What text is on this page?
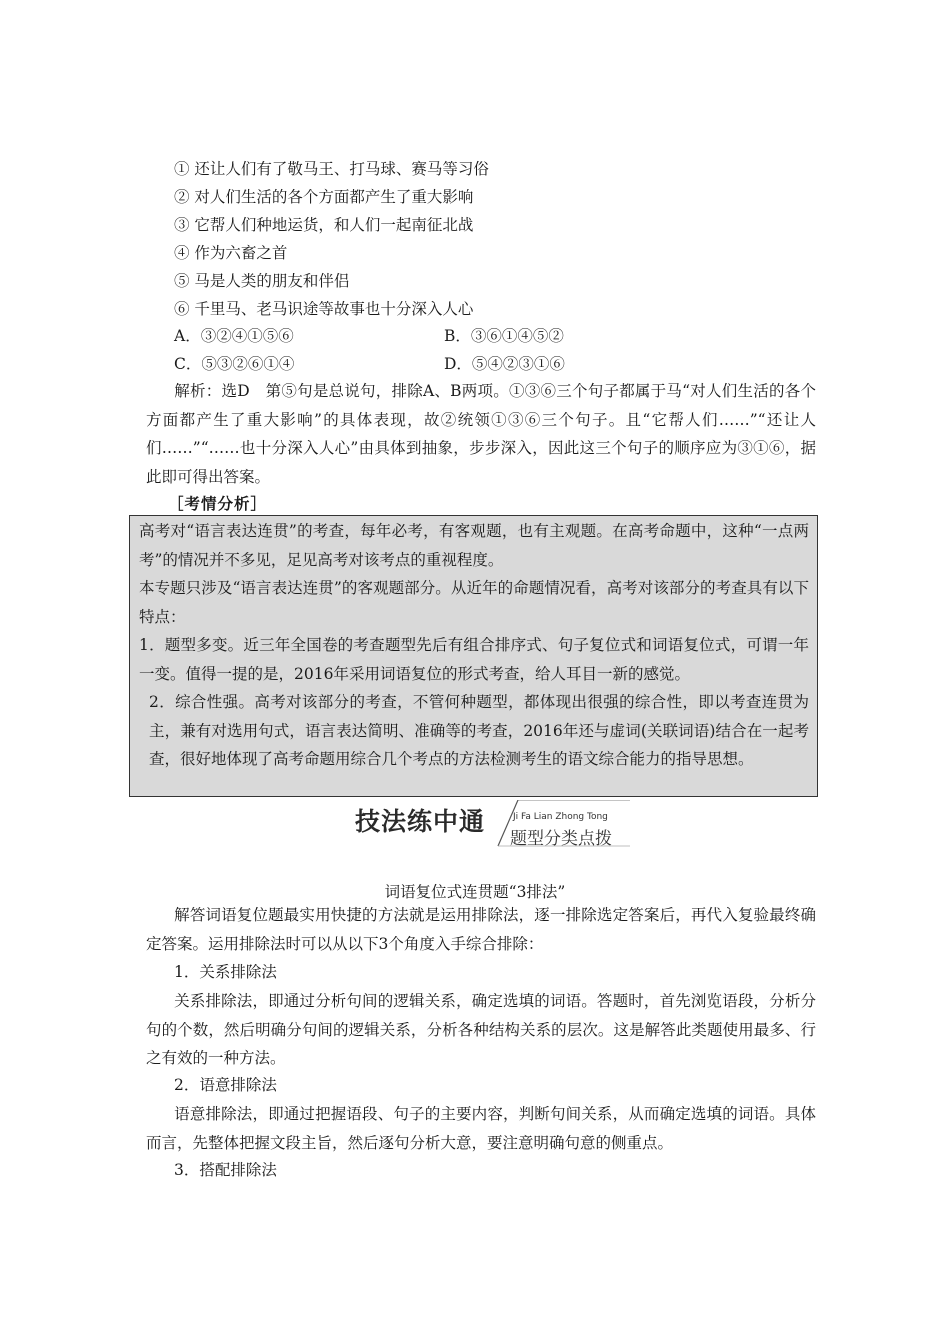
① 还让人们有了敬马王、打马球、赛马等习俗
② 对人们生活的各个方面都产生了重大影响
③ 它帮人们种地运货，和人们一起南征北战
④ 作为六畜之首
⑤ 马是人类的朋友和伴侣
⑥ 千里马、老马识途等故事也十分深入人心
A．③②④①⑤⑥	B．③⑥①④⑤②
C．⑤③②⑥①④	D．⑤④②③①⑥
解析：选D　第⑤句是总说句，排除A、B两项。①③⑥三个句子都属于马“对人们生活的各个方面都产生了重大影响”的具体表现，故②统领①③⑥三个句子。且“它帮人们……”“还让人们……”“……也十分深入人心”由具体到抽象，步步深入，因此这三个句子的顺序应为③①⑥，据此即可得出答案。
［考情分析］

高考对“语言表达连贯”的考查，每年必考，有客观题，也有主观题。在高考命题中，这种“一点两考”的情况并不多见，足见高考对该考点的重视程度。

本专题只涉及“语言表达连贯”的客观题部分。从近年的命题情况看，高考对该部分的考查具有以下特点：

1．题型多变。近三年全国卷的考查题型先后有组合排序式、句子复位式和词语复位式，可谓一年一变。值得一提的是，2016年采用词语复位的形式考查，给人耳目一新的感觉。

2．综合性强。高考对该部分的考查，不管何种题型，都体现出很强的综合性，即以考查连贯为主，兼有对选用句式，语言表达简明、准确等的考查，2016年还与虚词(关联词语)结合在一起考查，很好地体现了高考命题用综合几个考点的方法检测考生的语文综合能力的指导思想。

技法练中通	Ji Fa Lian Zhong Tong
题型分类点拨
词语复位式连贯题“3排法”
解答词语复位题最实用快捷的方法就是运用排除法，逐一排除选定答案后，再代入复验最终确定答案。运用排除法时可以从以下3个角度入手综合排除：
1．关系排除法
关系排除法，即通过分析句间的逻辑关系，确定选填的词语。答题时，首先浏览语段，分析分句的个数，然后明确分句间的逻辑关系，分析各种结构关系的层次。这是解答此类题使用最多、行之有效的一种方法。
2．语意排除法
语意排除法，即通过把握语段、句子的主要内容，判断句间关系，从而确定选填的词语。具体而言，先整体把握文段主旨，然后逐句分析大意，要注意明确句意的侧重点。
3．搭配排除法
